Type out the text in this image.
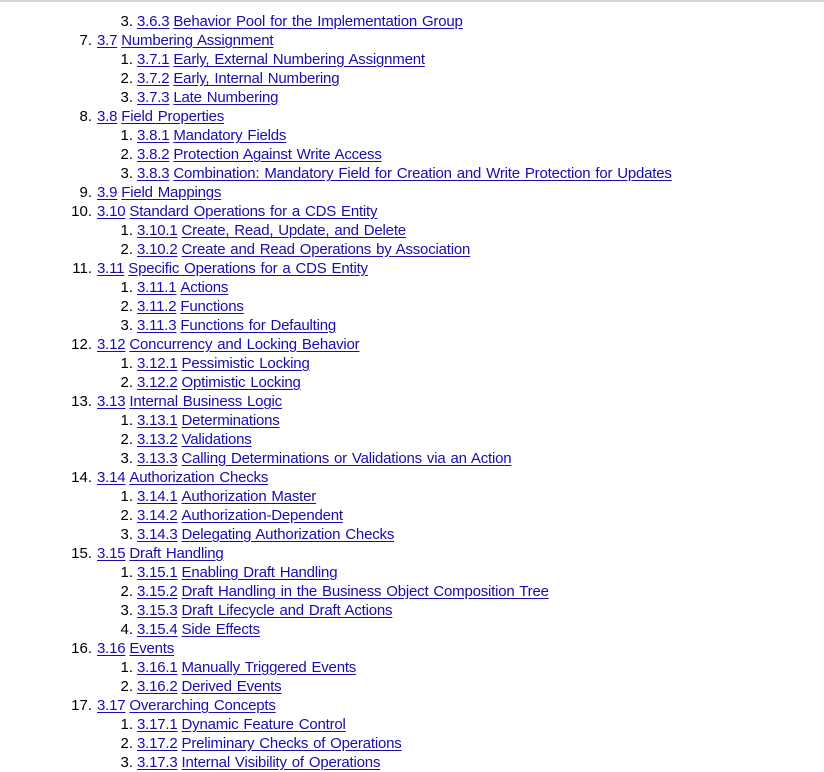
3. 3.6.3 Behavior Pool for the Implementation Group
7. 3.7 Numbering Assignment
1. 3.7.1 Early, External Numbering Assignment
2. 3.7.2 Early, Internal Numbering
3. 3.7.3 Late Numbering
8. 3.8 Field Properties
1. 3.8.1 Mandatory Fields
2. 3.8.2 Protection Against Write Access
3. 3.8.3 Combination: Mandatory Field for Creation and Write Protection for Updates
9. 3.9 Field Mappings
10. 3.10 Standard Operations for a CDS Entity
1. 3.10.1 Create, Read, Update, and Delete
2. 3.10.2 Create and Read Operations by Association
11. 3.11 Specific Operations for a CDS Entity
1. 3.11.1 Actions
2. 3.11.2 Functions
3. 3.11.3 Functions for Defaulting
12. 3.12 Concurrency and Locking Behavior
1. 3.12.1 Pessimistic Locking
2. 3.12.2 Optimistic Locking
13. 3.13 Internal Business Logic
1. 3.13.1 Determinations
2. 3.13.2 Validations
3. 3.13.3 Calling Determinations or Validations via an Action
14. 3.14 Authorization Checks
1. 3.14.1 Authorization Master
2. 3.14.2 Authorization-Dependent
3. 3.14.3 Delegating Authorization Checks
15. 3.15 Draft Handling
1. 3.15.1 Enabling Draft Handling
2. 3.15.2 Draft Handling in the Business Object Composition Tree
3. 3.15.3 Draft Lifecycle and Draft Actions
4. 3.15.4 Side Effects
16. 3.16 Events
1. 3.16.1 Manually Triggered Events
2. 3.16.2 Derived Events
17. 3.17 Overarching Concepts
1. 3.17.1 Dynamic Feature Control
2. 3.17.2 Preliminary Checks of Operations
3. 3.17.3 Internal Visibility of Operations
